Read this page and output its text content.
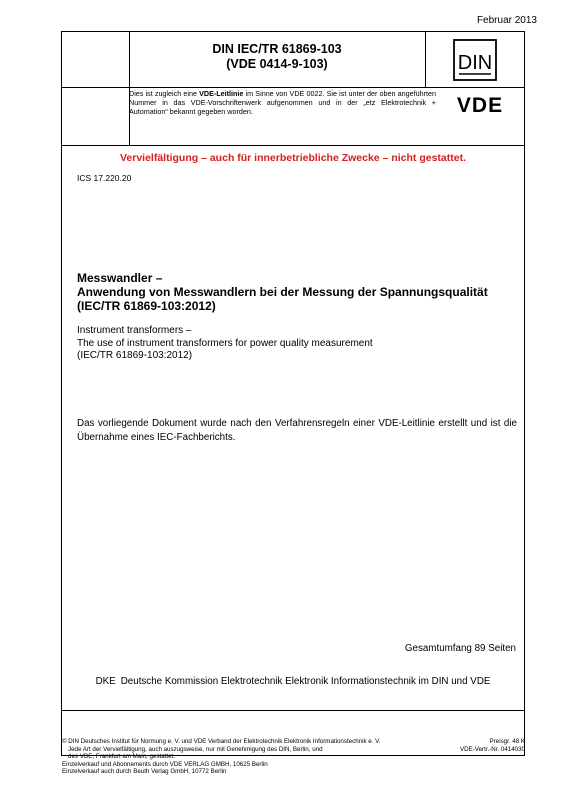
Februar 2013
DIN IEC/TR 61869-103
(VDE 0414-9-103)	DIN
Dies ist zugleich eine VDE-Leitlinie im Sinne von VDE 0022. Sie ist unter der oben angeführten Nummer in das VDE-Vorschriftenwerk aufgenommen und in der „etz Elektrotechnik + Automation“ bekannt gegeben worden.	VDE
Vervielfältigung – auch für innerbetriebliche Zwecke – nicht gestattet.
ICS 17.220.20
Messwandler –
Anwendung von Messwandlern bei der Messung der Spannungsqualität
(IEC/TR 61869-103:2012)
Instrument transformers –
The use of instrument transformers for power quality measurement
(IEC/TR 61869-103:2012)
Das vorliegende Dokument wurde nach den Verfahrensregeln einer VDE-Leitlinie erstellt und ist die Übernahme eines IEC-Fachberichts.
Gesamtumfang 89 Seiten
DKE Deutsche Kommission Elektrotechnik Elektronik Informationstechnik im DIN und VDE
© DIN Deutsches Institut für Normung e. V. und VDE Verband der Elektrotechnik Elektronik Informationstechnik e. V.
Jede Art der Vervielfältigung, auch auszugsweise, nur mit Genehmigung des DIN, Berlin, und
des VDE, Frankfurt am Main, gestattet.
Einzelverkauf und Abonnements durch VDE VERLAG GMBH, 10625 Berlin
Einzelverkauf auch durch Beuth Verlag GmbH, 10772 Berlin
Preisgr. 48 K
VDE-Vertr.-Nr. 0414030
